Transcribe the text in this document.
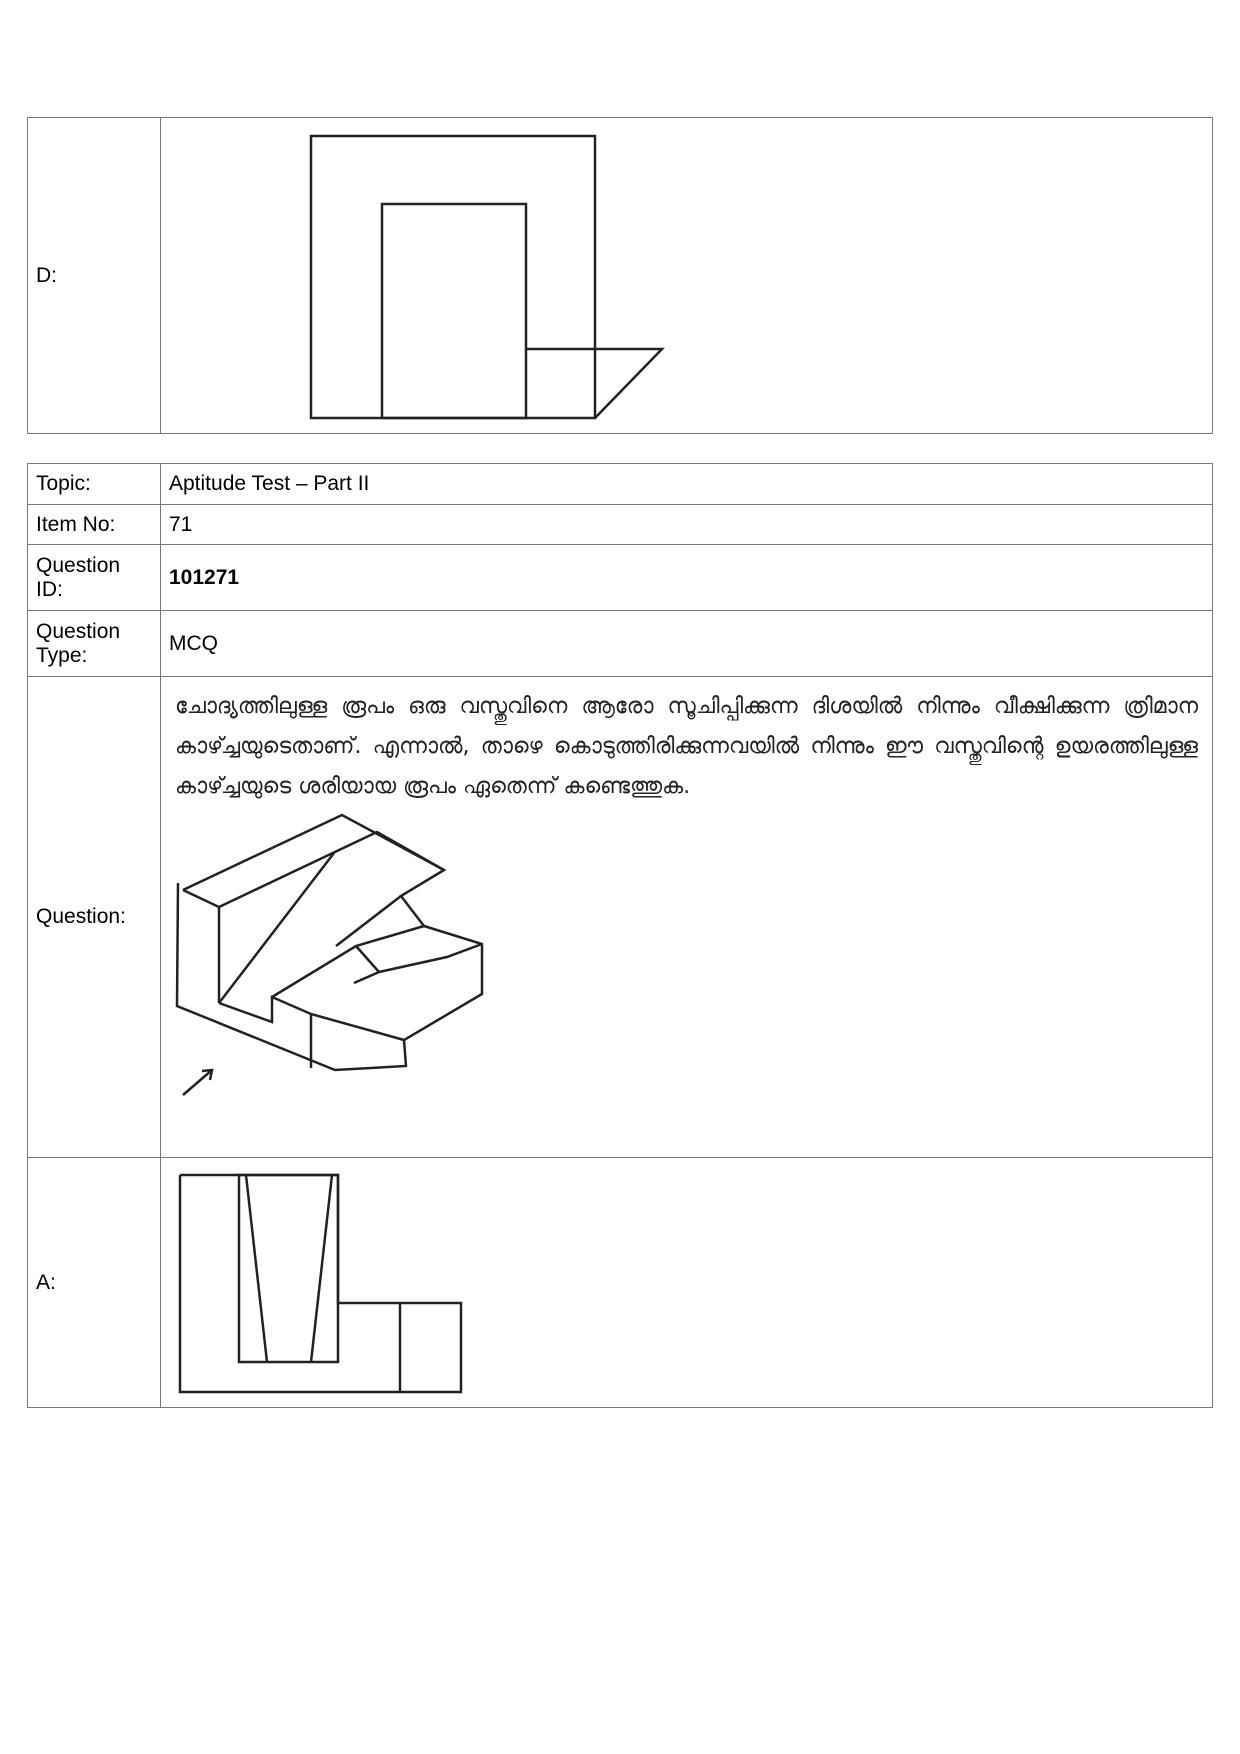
D:	
Topic:	Aptitude Test – Part II
Item No:	71
Question ID:	101271
Question Type:	MCQ
Question:	ചോദ്യത്തിലുള്ള രൂപം ഒരു വസ്തുവിനെ ആരോ സൂചിപ്പിക്കുന്ന ദിശയിൽ നിന്നും വീക്ഷിക്കുന്ന ത്രിമാന കാഴ്ച്ചയുടെതാണ്. എന്നാൽ, താഴെ കൊടുത്തിരിക്കുന്നവയിൽ നിന്നും ഈ വസ്തുവിന്റെ ഉയരത്തിലുള്ള കാഴ്ച്ചയുടെ ശരിയായ രൂപം ഏതെന്ന് കണ്ടെത്തുക.

A:	
